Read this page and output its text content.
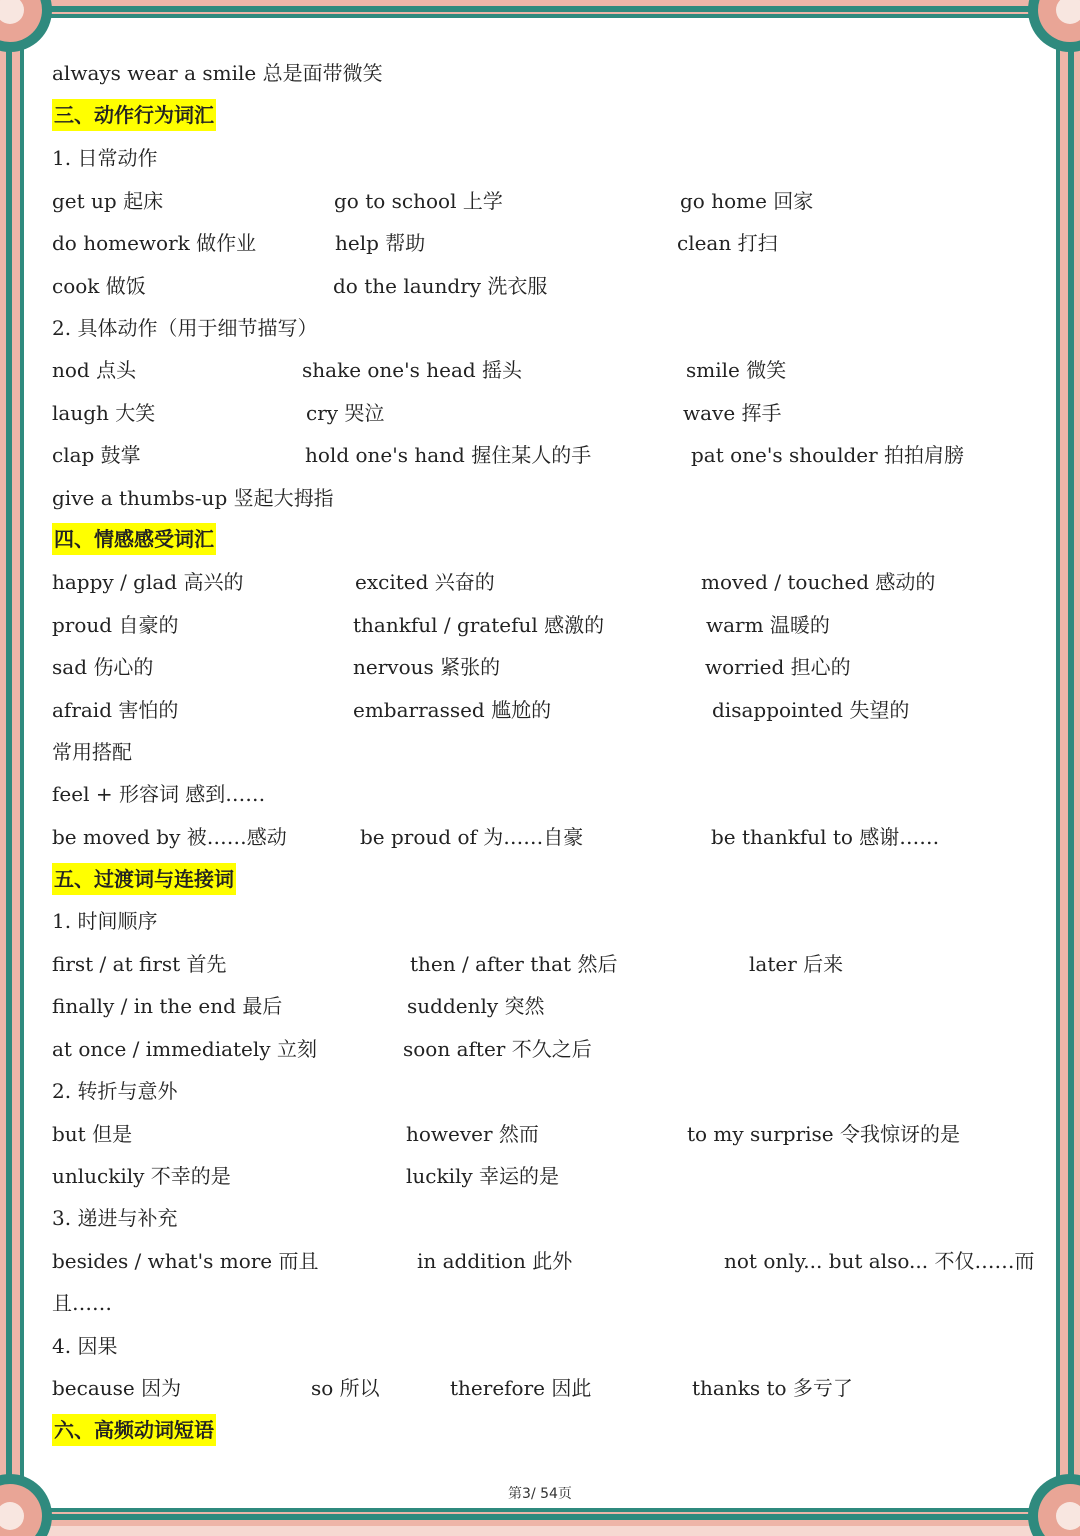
always wear a smile 总是面带微笑
三、动作行为词汇
1. 日常动作
get up 起床	go to school 上学	go home 回家
do homework 做作业	help 帮助	clean 打扫
cook 做饭	do the laundry 洗衣服
2. 具体动作（用于细节描写）
nod 点头	shake one's head 摇头	smile 微笑
laugh 大笑	cry 哭泣	wave 挥手
clap 鼓掌	hold one's hand 握住某人的手	pat one's shoulder 拍拍肩膀
give a thumbs-up 竖起大拇指
四、情感感受词汇
happy / glad 高兴的	excited 兴奋的	moved / touched 感动的
proud 自豪的	thankful / grateful 感激的	warm 温暖的
sad 伤心的	nervous 紧张的	worried 担心的
afraid 害怕的	embarrassed 尴尬的	disappointed 失望的
常用搭配
feel + 形容词 感到……
be moved by 被……感动	be proud of 为……自豪	be thankful to 感谢……
五、过渡词与连接词
1. 时间顺序
first / at first 首先	then / after that 然后	later 后来
finally / in the end 最后	suddenly 突然
at once / immediately 立刻	soon after 不久之后
2. 转折与意外
but 但是	however 然而	to my surprise 令我惊讶的是
unluckily 不幸的是	luckily 幸运的是
3. 递进与补充
besides / what's more 而且	in addition 此外	not only... but also... 不仅……而
且……
4. 因果
because 因为	so 所以	therefore 因此	thanks to 多亏了
六、高频动词短语
第3/ 54页
